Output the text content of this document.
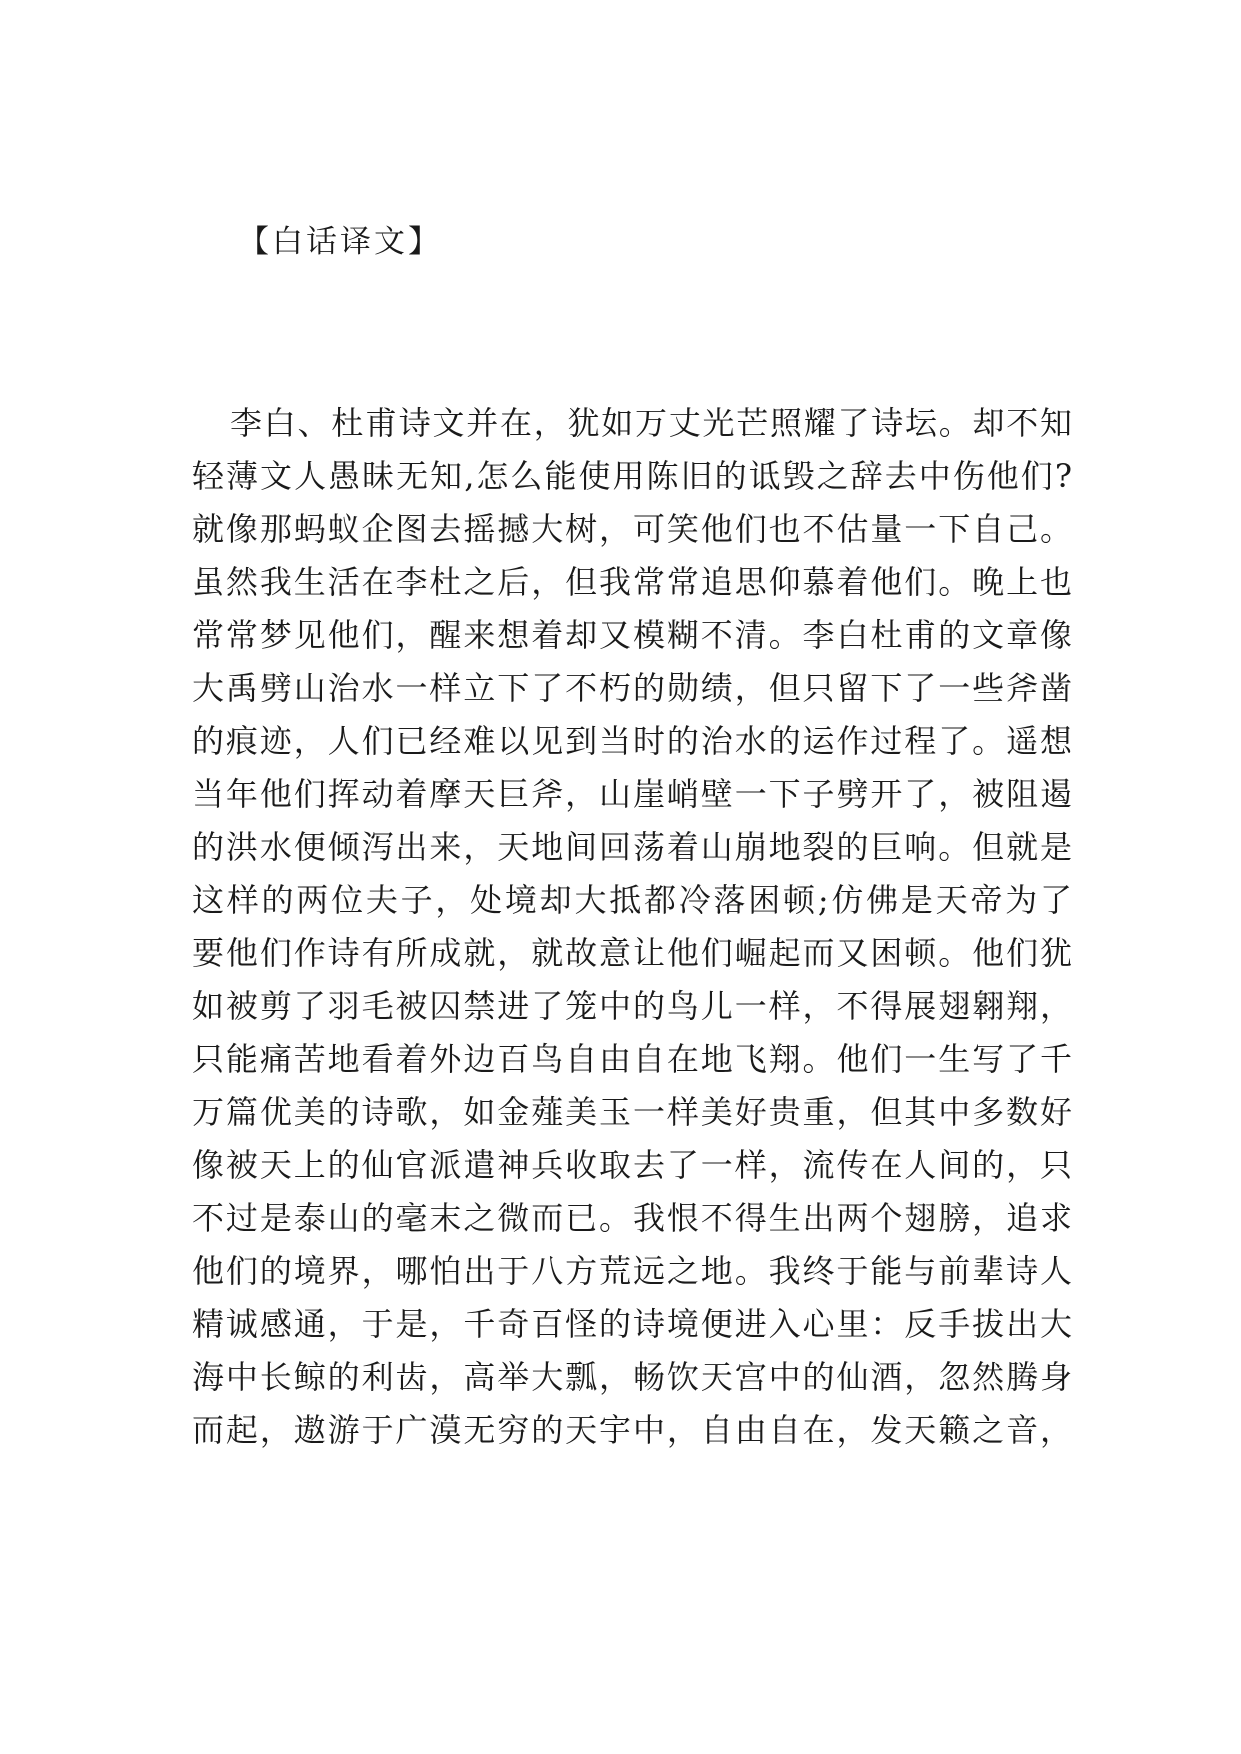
【白话译文】
李白、杜甫诗文并在，犹如万丈光芒照耀了诗坛。却不知
轻薄文人愚昧无知,怎么能使用陈旧的诋毁之辞去中伤他们?
就像那蚂蚁企图去摇撼大树，可笑他们也不估量一下自己。
虽然我生活在李杜之后，但我常常追思仰慕着他们。晚上也
常常梦见他们，醒来想着却又模糊不清。李白杜甫的文章像
大禹劈山治水一样立下了不朽的勋绩，但只留下了一些斧凿
的痕迹，人们已经难以见到当时的治水的运作过程了。遥想
当年他们挥动着摩天巨斧，山崖峭壁一下子劈开了，被阻遏
的洪水便倾泻出来，天地间回荡着山崩地裂的巨响。但就是
这样的两位夫子，处境却大抵都冷落困顿;仿佛是天帝为了
要他们作诗有所成就，就故意让他们崛起而又困顿。他们犹
如被剪了羽毛被囚禁进了笼中的鸟儿一样，不得展翅翱翔，
只能痛苦地看着外边百鸟自由自在地飞翔。他们一生写了千
万篇优美的诗歌，如金薤美玉一样美好贵重，但其中多数好
像被天上的仙官派遣神兵收取去了一样，流传在人间的，只
不过是泰山的毫末之微而已。我恨不得生出两个翅膀，追求
他们的境界，哪怕出于八方荒远之地。我终于能与前辈诗人
精诚感通，于是，千奇百怪的诗境便进入心里：反手拔出大
海中长鲸的利齿，高举大瓢，畅饮天宫中的仙酒，忽然腾身
而起，遨游于广漠无穷的天宇中，自由自在，发天籁之音，
